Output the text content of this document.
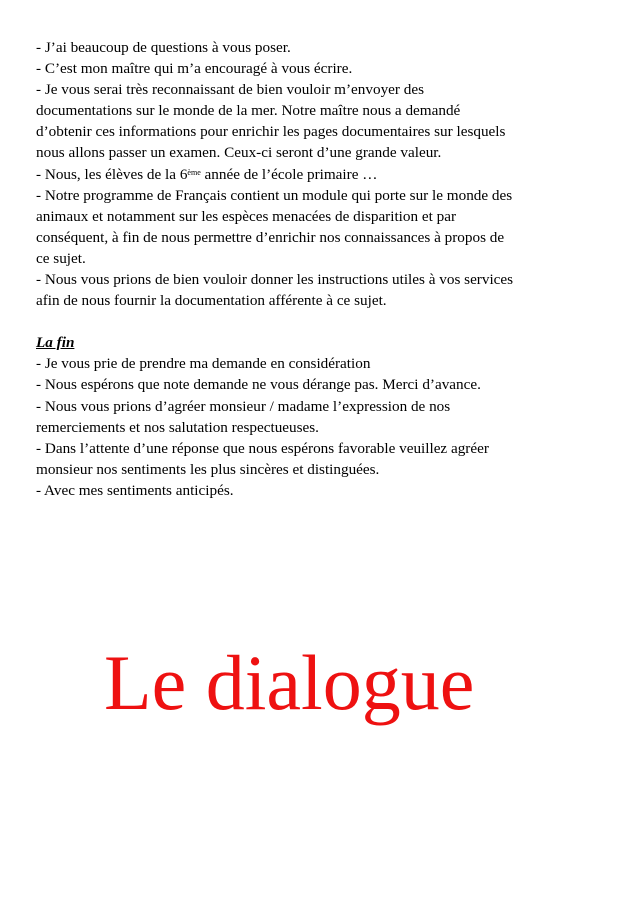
- J’ai beaucoup de questions à vous poser.
- C’est mon maître qui m’a encouragé à vous écrire.
- Je vous serai très reconnaissant de bien vouloir m’envoyer des
documentations sur le monde de la mer. Notre maître nous a demandé
d’obtenir ces informations pour enrichir les pages documentaires sur lesquels
nous allons passer un examen. Ceux-ci seront d’une grande valeur.
- Nous, les élèves de la 6ème année de l’école primaire …
- Notre programme de Français contient un module qui porte sur le monde des
animaux et notamment sur les espèces menacées de disparition et par
conséquent, à fin de nous permettre d’enrichir nos connaissances à propos de
ce sujet.
- Nous vous prions de bien vouloir donner les instructions utiles à vos services
afin de nous fournir la documentation afférente à ce sujet.
La fin
- Je vous prie de prendre ma demande en considération
- Nous espérons que note demande ne vous dérange pas. Merci d’avance.
- Nous vous prions d’agréer monsieur / madame l’expression de nos
remerciements et nos salutation respectueuses.
- Dans l’attente d’une réponse que nous espérons favorable veuillez agréer
monsieur nos sentiments les plus sincères et distinguées.
- Avec mes sentiments anticipés.
Le dialogue
